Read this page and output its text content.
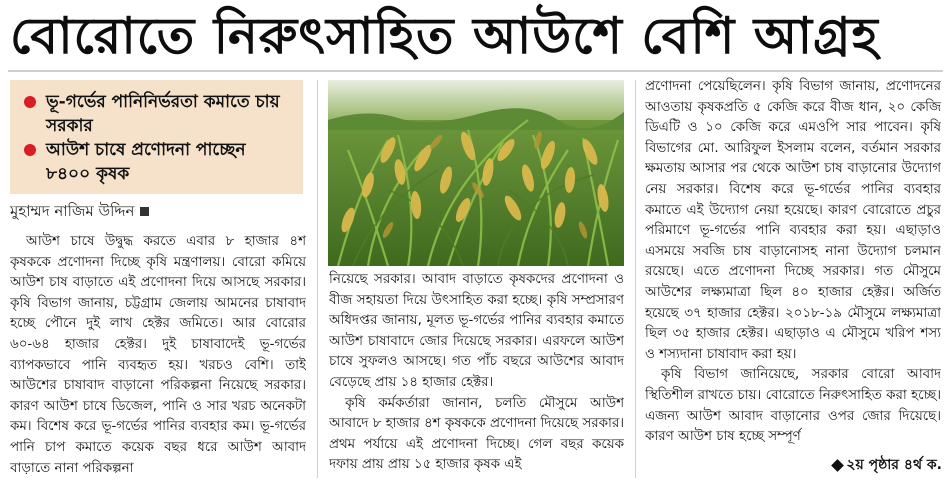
বোরোতে নিরুৎসাহিত আউশে বেশি আগ্রহ
ভূ-গর্ভের পানিনির্ভরতা কমাতে চায় সরকার
আউশ চাষে প্রণোদনা পাচ্ছেন ৮৪০০ কৃষক
মুহাম্মদ নাজিম উদ্দিন

আউশ চাষে উদ্বুদ্ধ করতে এবার ৮ হাজার ৪শ কৃষককে প্রণোদনা দিচ্ছে কৃষি মন্ত্রণালয়। বোরো কমিয়ে আউশ চাষ বাড়াতে এই প্রণোদনা দিয়ে আসছে সরকার। কৃষি বিভাগ জানায়, চট্টগ্রাম জেলায় আমনের চাষাবাদ হচ্ছে পৌনে দুই লাখ হেক্টর জমিতে। আর বোরোর ৬০-৬৪ হাজার হেক্টর। দুই চাষাবাদেই ভূ-গর্ভের ব্যাপকভাবে পানি ব্যবহৃত হয়। খরচও বেশি। তাই আউশের চাষাবাদ বাড়ানো পরিকল্পনা নিয়েছে সরকার। কারণ আউশ চাষে ডিজেল, পানি ও সার খরচ অনেকটা কম। বিশেষ করে ভূ-গর্ভের পানির ব্যবহার কম। ভূ-গর্ভের পানি চাপ কমাতে কয়েক বছর ধরে আউশ আবাদ বাড়াতে নানা পরিকল্পনা

নিয়েছে সরকার। আবাদ বাড়াতে কৃষকদের প্রণোদনা ও বীজ সহায়তা দিয়ে উৎসাহিত করা হচ্ছে। কৃষি সম্প্রসারণ অধিদপ্তর জানায়, মূলত ভূ-গর্ভের পানির ব্যবহার কমাতে আউশ চাষাবাদে জোর দিয়েছে সরকার। এরফলে আউশ চাষে সুফলও আসছে। গত পাঁচ বছরে আউশের আবাদ বেড়েছে প্রায় ১৪ হাজার হেক্টর।

কৃষি কর্মকর্তারা জানান, চলতি মৌসুমে আউশ আবাদে ৮ হাজার ৪শ কৃষককে প্রণোদনা দিয়েছে সরকার। প্রথম পর্যায়ে এই প্রণোদনা দিচ্ছে। গেল বছর কয়েক দফায় প্রায় প্রায় ১৫ হাজার কৃষক এই

প্রণোদনা পেয়েছিলেন। কৃষি বিভাগ জানায়, প্রণোদনের আওতায় কৃষকপ্রতি ৫ কেজি করে বীজ ধান, ২০ কেজি ডিএটি ও ১০ কেজি করে এমওপি সার পাবেন। কৃষি বিভাগের মো. আরিফুল ইসলাম বলেন, বর্তমান সরকার ক্ষমতায় আসার পর থেকে আউশ চাষ বাড়ানোর উদ্যোগ নেয় সরকার। বিশেষ করে ভূ-গর্ভের পানির ব্যবহার কমাতে এই উদ্যোগ নেয়া হয়েছে। কারণ বোরোতে প্রচুর পরিমাণে ভূ-গর্ভের পানি ব্যবহার করা হয়। এছাড়াও এসময়ে সবজি চাষ বাড়ানোসহ নানা উদ্যোগ চলমান রয়েছে। এতে প্রণোদনা দিচ্ছে সরকার। গত মৌসুমে আউশের লক্ষ্যমাত্রা ছিল ৪০ হাজার হেক্টর। অর্জিত হয়েছে ৩৭ হাজার হেক্টর। ২০১৮-১৯ মৌসুমে লক্ষ্যমাত্রা ছিল ৩৫ হাজার হেক্টর। এছাড়াও এ মৌসুমে খরিপ শস্য ও শস্যদানা চাষাবাদ করা হয়।

কৃষি বিভাগ জানিয়েছে, সরকার বোরো আবাদ স্থিতিশীল রাখতে চায়। বোরোতে নিরুৎসাহিত করা হচ্ছে। এজন্য আউশ আবাদ বাড়ানোর ওপর জোর দিয়েছে। কারণ আউশ চাষ হচ্ছে সম্পূর্ণ

২য় পৃষ্ঠার ৪র্থ ক.
